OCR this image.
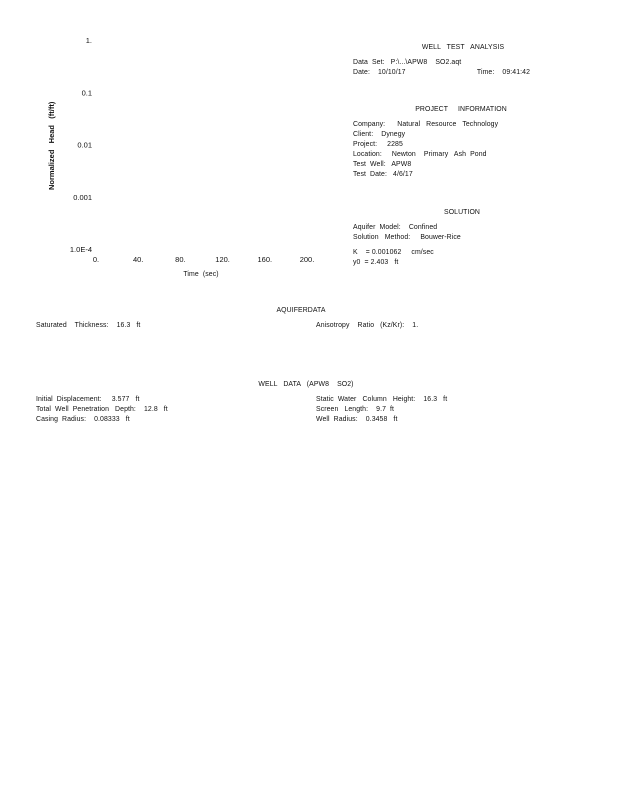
1.
0.1
0.01
0.001
1.0E-4
0.	40.	80.	120.	160.	200.
Normalized   Head   (ft/ft)
Time  (sec)
WELL   TEST   ANALYSIS
Data  Set:   P:\...\APW8    SO2.aqt
Date:    10/10/17	Time:    09:41:42
PROJECT     INFORMATION
Company:      Natural   Resource   Technology
Client:    Dynegy
Project:     2285
Location:     Newton    Primary   Ash  Pond
Test  Well:   APW8
Test  Date:   4/6/17
SOLUTION
Aquifer  Model:    Confined
Solution   Method:     Bouwer-Rice
K    = 0.001062     cm/sec
y0  = 2.403   ft
AQUIFERDATA
Saturated    Thickness:    16.3   ft	Anisotropy    Ratio   (Kz/Kr):    1.
WELL   DATA   (APW8    SO2)
Initial  Displacement:     3.577   ft
Total  Well  Penetration   Depth:    12.8   ft
Casing  Radius:    0.08333   ft
Static  Water   Column   Height:    16.3   ft
Screen   Length:    9.7  ft
Well  Radius:    0.3458   ft
